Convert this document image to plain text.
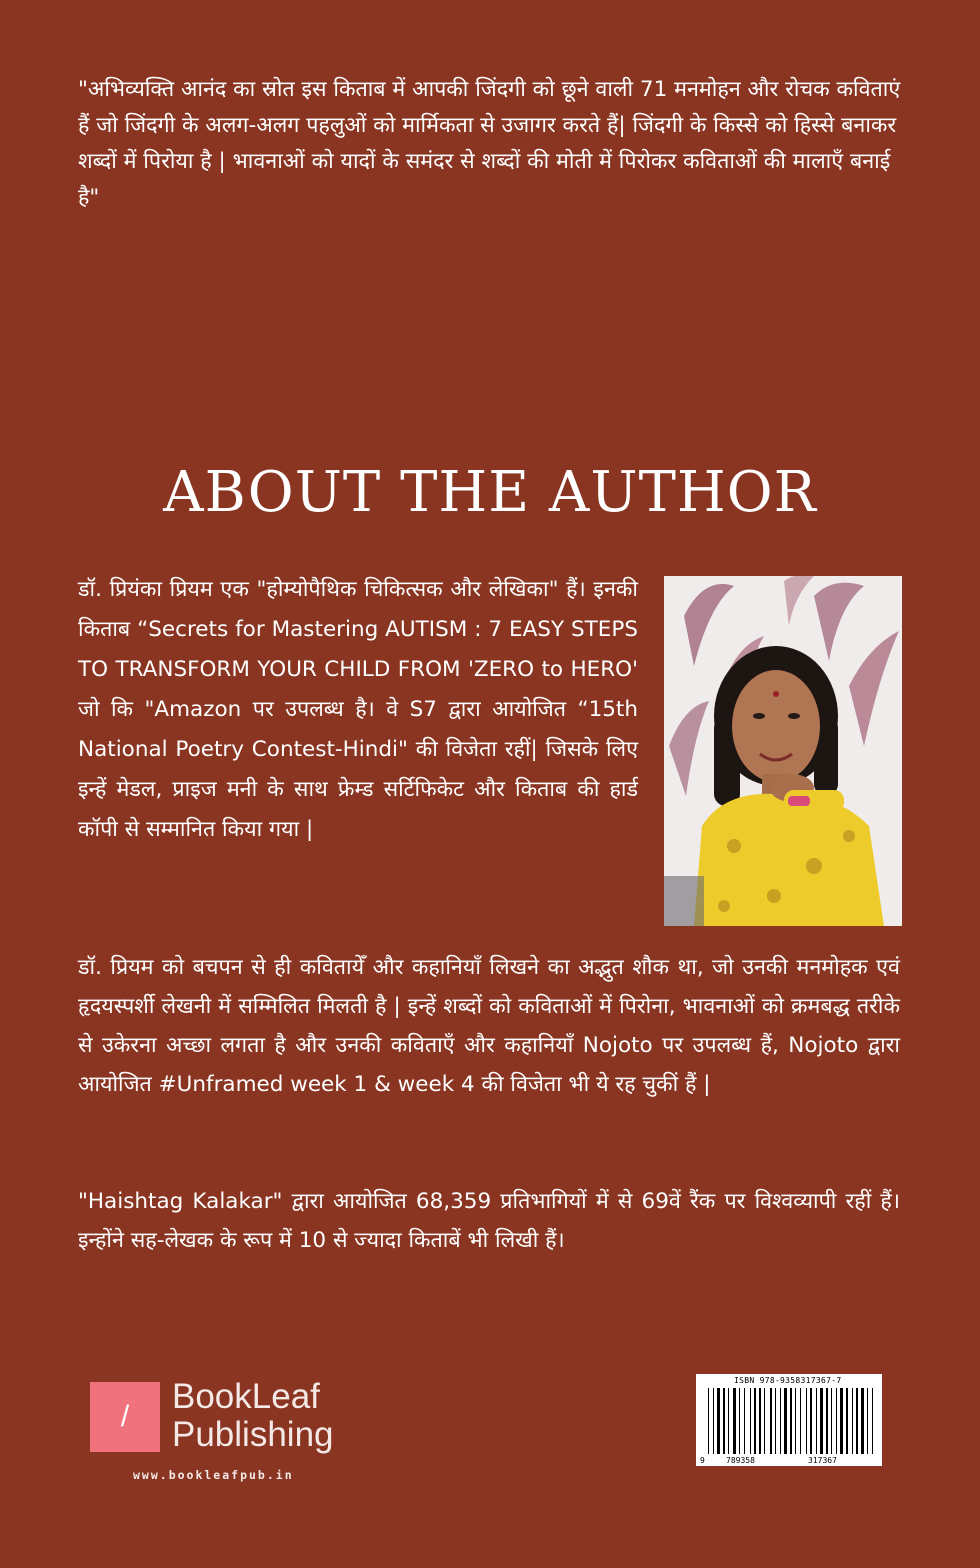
"अभिव्यक्ति आनंद का स्रोत इस किताब में आपकी जिंदगी को छूने वाली 71 मनमोहन और रोचक कविताएं हैं जो जिंदगी के अलग-अलग पहलुओं को मार्मिकता से उजागर करते हैं| जिंदगी के किस्से को हिस्से बनाकर शब्दों में पिरोया है | भावनाओं को यादों के समंदर से शब्दों की मोती में पिरोकर कविताओं की मालाएँ बनाई है"

ABOUT THE AUTHOR

डॉ. प्रियंका प्रियम एक "होम्योपैथिक चिकित्सक और लेखिका" हैं। इनकी किताब “Secrets for Mastering AUTISM : 7 EASY STEPS TO TRANSFORM YOUR CHILD FROM 'ZERO to HERO' जो कि "Amazon पर उपलब्ध है। वे S7 द्वारा आयोजित “15th National Poetry Contest-Hindi" की विजेता रहीं| जिसके लिए इन्हें मेडल, प्राइज मनी के साथ फ्रेम्ड सर्टिफिकेट और किताब की हार्ड कॉपी से सम्मानित किया गया |

डॉ. प्रियम को बचपन से ही कवितायेँ और कहानियाँ लिखने का अद्भुत शौक था, जो उनकी मनमोहक एवं हृदयस्पर्शी लेखनी में सम्मिलित मिलती है | इन्हें शब्दों को कविताओं में पिरोना, भावनाओं को क्रमबद्ध तरीके से उकेरना अच्छा लगता है और उनकी कविताएँ और कहानियाँ Nojoto पर उपलब्ध हैं, Nojoto द्वारा आयोजित #Unframed week 1 & week 4 की विजेता भी ये रह चुकीं हैं |

"Haishtag Kalakar" द्वारा आयोजित 68,359 प्रतिभागियों में से 69वें रैंक पर विश्वव्यापी रहीं हैं। इन्होंने सह-लेखक के रूप में 10 से ज्यादा किताबें भी लिखी हैं।

/
BookLeaf
Publishing
www.bookleafpub.in
9	789358	317367
ISBN 978-9358317367-7
